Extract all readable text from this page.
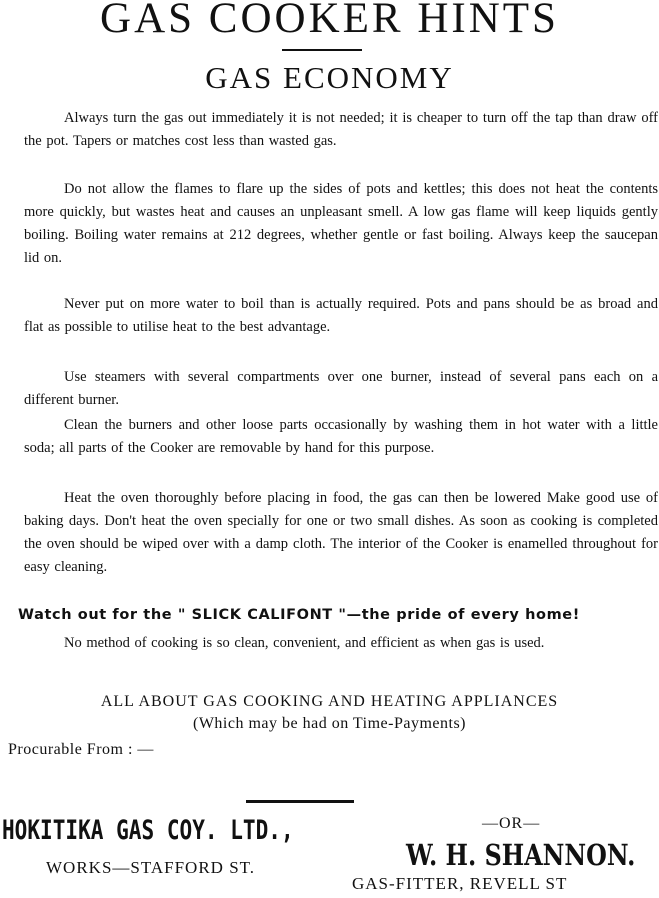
GAS COOKER HINTS
GAS ECONOMY
Always turn the gas out immediately it is not needed; it is cheaper to turn off the tap than draw off the pot. Tapers or matches cost less than wasted gas.
Do not allow the flames to flare up the sides of pots and kettles; this does not heat the contents more quickly, but wastes heat and causes an unpleasant smell. A low gas flame will keep liquids gently boiling. Boiling water remains at 212 degrees, whether gentle or fast boiling. Always keep the saucepan lid on.
Never put on more water to boil than is actually required. Pots and pans should be as broad and flat as possible to utilise heat to the best advantage.
Use steamers with several compartments over one burner, instead of several pans each on a different burner.
Clean the burners and other loose parts occasionally by washing them in hot water with a little soda; all parts of the Cooker are removable by hand for this purpose.
Heat the oven thoroughly before placing in food, the gas can then be lowered Make good use of baking days. Don't heat the oven specially for one or two small dishes. As soon as cooking is completed the oven should be wiped over with a damp cloth. The interior of the Cooker is enamelled throughout for easy cleaning.
Watch out for the " SLICK CALIFONT "—the pride of every home!
No method of cooking is so clean, convenient, and efficient as when gas is used.
ALL ABOUT GAS COOKING AND HEATING APPLIANCES
(Which may be had on Time-Payments)
Procurable From : —
HOKITIKA GAS COY. LTD.,
WORKS—STAFFORD ST.
—OR—
W. H. SHANNON.
GAS-FITTER, REVELL ST
